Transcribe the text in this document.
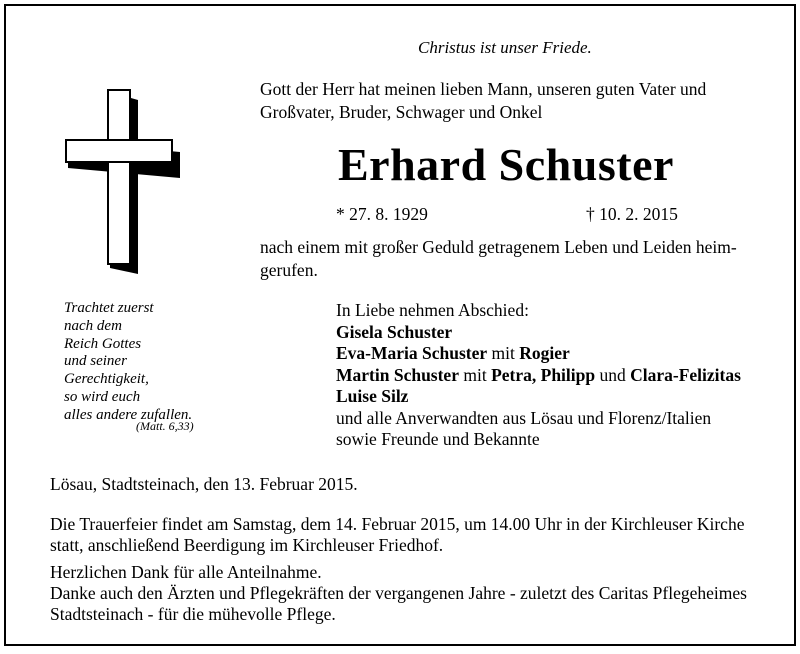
Christus ist unser Friede.
Gott der Herr hat meinen lieben Mann, unseren guten Vater und
Großvater, Bruder, Schwager und Onkel
Erhard Schuster
* 27. 8. 1929	† 10. 2. 2015
nach einem mit großer Geduld getragenem Leben und Leiden heim-
gerufen.
Trachtet zuerst
nach dem
Reich Gottes
und seiner
Gerechtigkeit,
so wird euch
alles andere zufallen.
(Matt. 6,33)
In Liebe nehmen Abschied:
Gisela Schuster
Eva-Maria Schuster mit Rogier
Martin Schuster mit Petra, Philipp und Clara-Felizitas
Luise Silz
und alle Anverwandten aus Lösau und Florenz/Italien
sowie Freunde und Bekannte
Lösau, Stadtsteinach, den 13. Februar 2015.
Die Trauerfeier findet am Samstag, dem 14. Februar 2015, um 14.00 Uhr in der Kirchleuser Kirche
statt, anschließend Beerdigung im Kirchleuser Friedhof.
Herzlichen Dank für alle Anteilnahme.
Danke auch den Ärzten und Pflegekräften der vergangenen Jahre - zuletzt des Caritas Pflegeheimes
Stadtsteinach - für die mühevolle Pflege.
